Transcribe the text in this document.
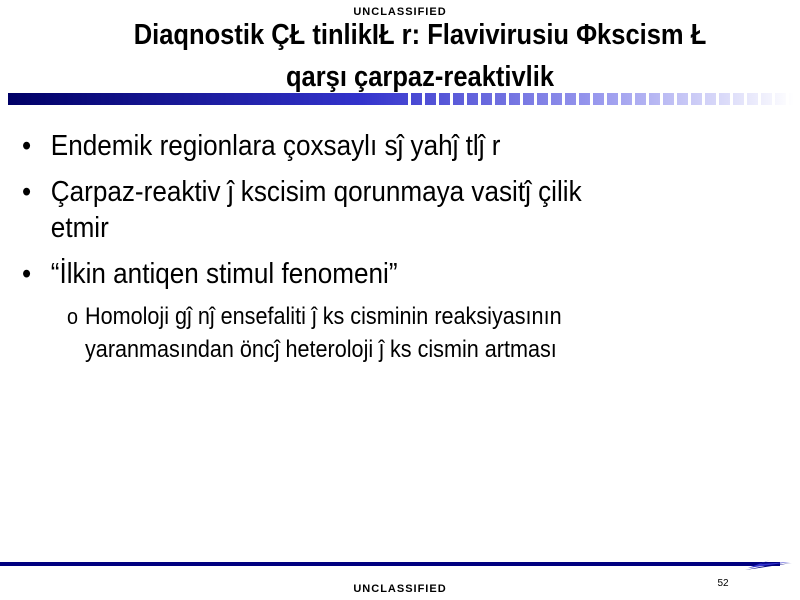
UNCLASSIFIED
Diaqnostik ÇŁ tinlikIŁ r: Flavivirusiu Φkscism Ł
qarşı çarpaz-reaktivlik
• Endemik regionlara çoxsaylı sĵ yahĵ tlĵ r
• Çarpaz-reaktiv ĵ kscisim qorunmaya vasitĵ çilik etmir
• “İlkin antiqen stimul fenomeni”
o Homoloji gĵ nĵ ensefaliti ĵ ks cisminin reaksiyasının yaranmasından öncĵ heteroloji ĵ ks cismin artması
52
UNCLASSIFIED
